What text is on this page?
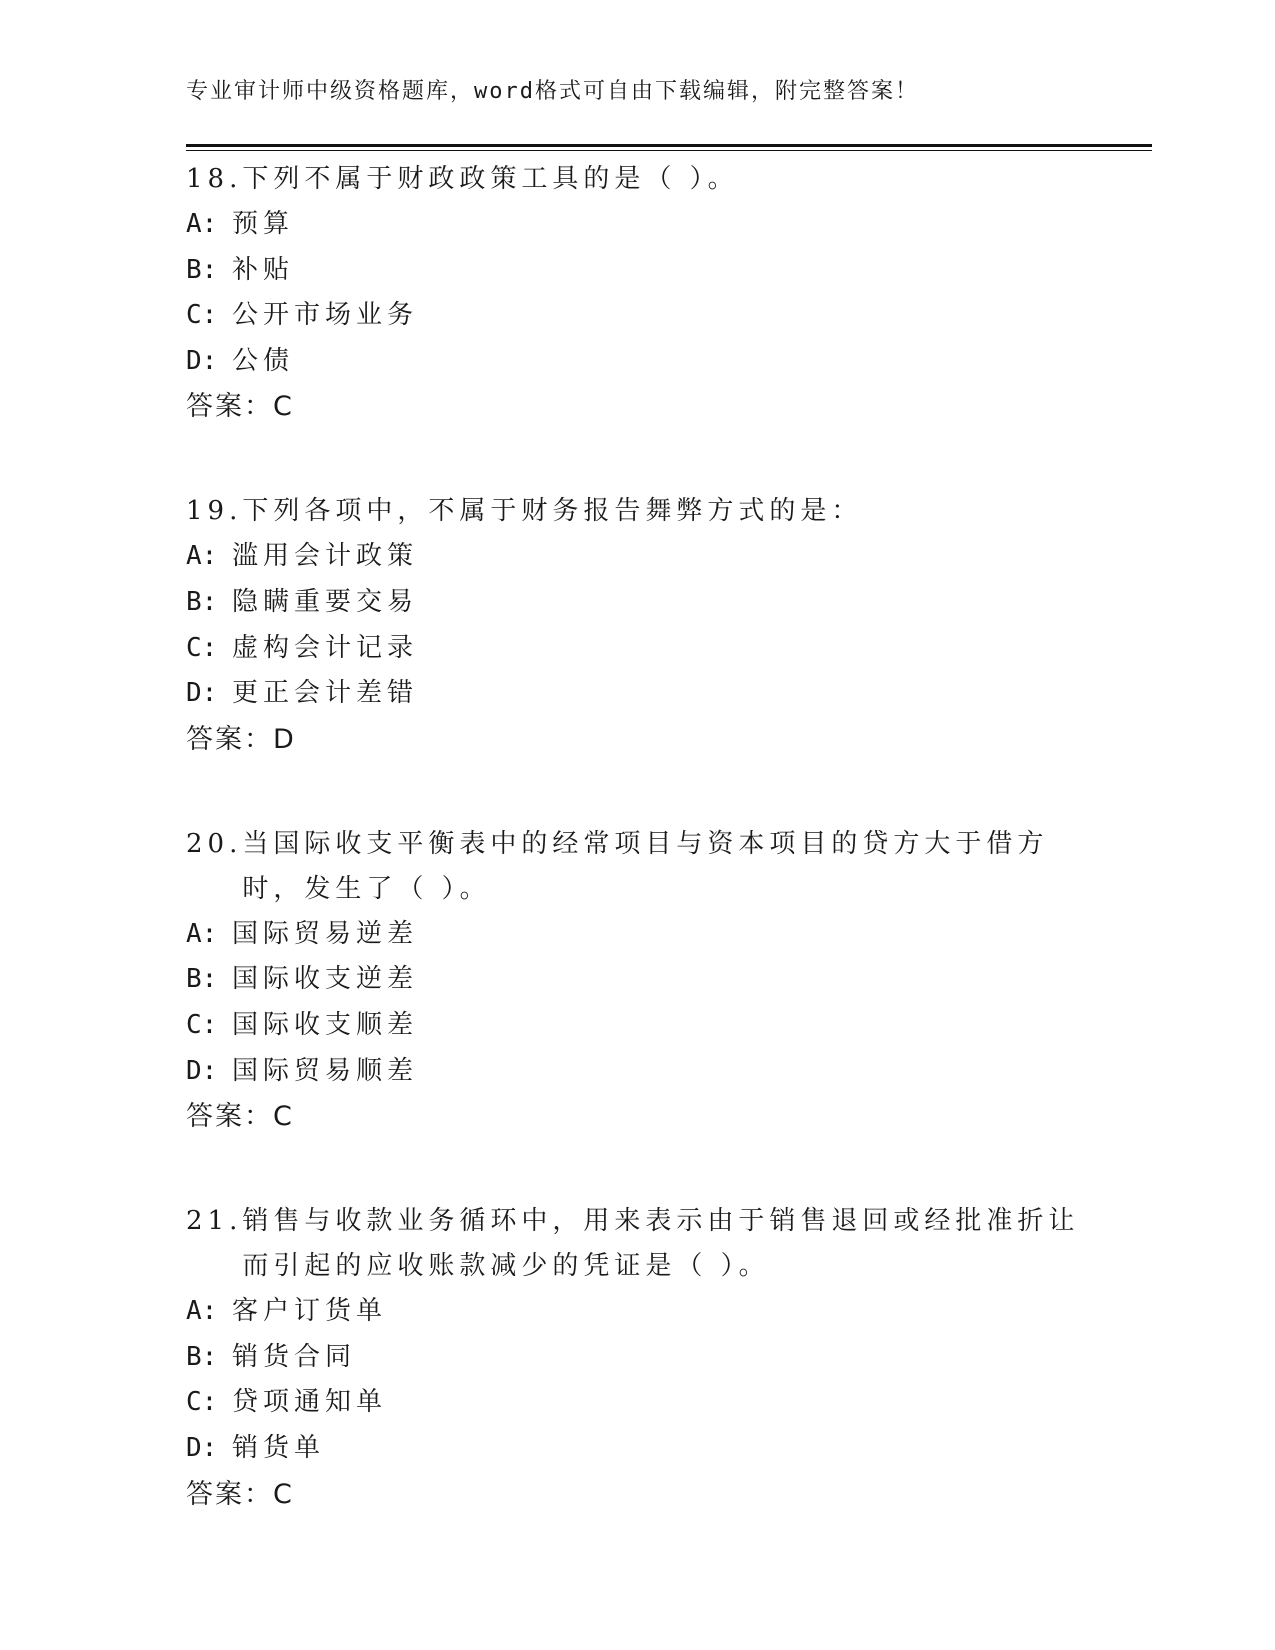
专业审计师中级资格题库，word格式可自由下载编辑，附完整答案！
18. 下列不属于财政政策工具的是（ ）。
A: 预算
B: 补贴
C: 公开市场业务
D: 公债
答案：C
19. 下列各项中，不属于财务报告舞弊方式的是：
A: 滥用会计政策
B: 隐瞒重要交易
C: 虚构会计记录
D: 更正会计差错
答案：D
20. 当国际收支平衡表中的经常项目与资本项目的贷方大于借方时，发生了（ ）。
A: 国际贸易逆差
B: 国际收支逆差
C: 国际收支顺差
D: 国际贸易顺差
答案：C
21. 销售与收款业务循环中，用来表示由于销售退回或经批准折让而引起的应收账款减少的凭证是（ ）。
A: 客户订货单
B: 销货合同
C: 贷项通知单
D: 销货单
答案：C
